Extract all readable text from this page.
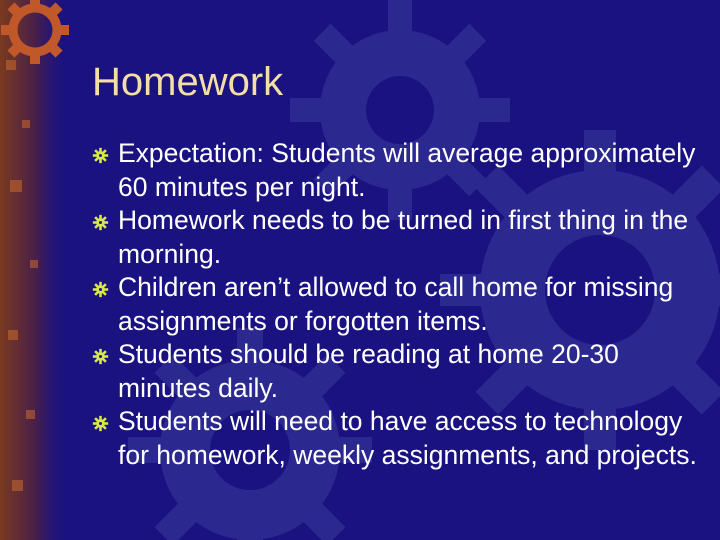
Homework
Expectation: Students will average approximately 60 minutes per night.
Homework needs to be turned in first thing in the morning.
Children aren’t allowed to call home for missing assignments or forgotten items.
Students should be reading at home 20-30 minutes daily.
Students will need to have access to technology for homework, weekly assignments, and projects.
